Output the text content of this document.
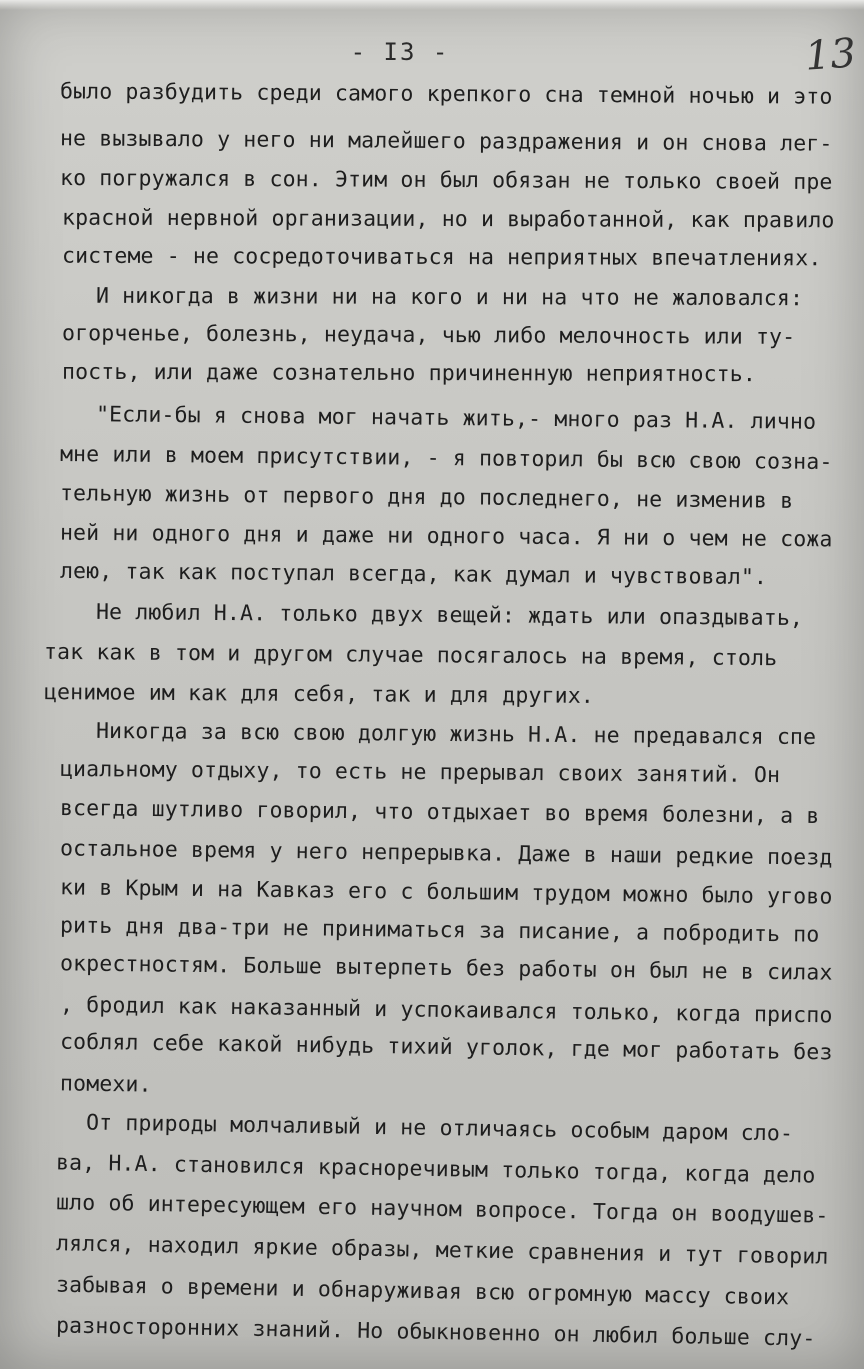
- I3 -	13
было разбудить среди самого крепкого сна темной ночью и это
не вызывало у него ни малейшего раздражения и он снова лег-
ко погружался в сон. Этим он был обязан не только своей пре
красной нервной организации, но и выработанной, как правило
системе - не сосредоточиваться на неприятных впечатлениях.
И никогда в жизни ни на кого и ни на что не жаловался:
огорченье, болезнь, неудача, чью либо мелочность или ту-
пость, или даже сознательно причиненную неприятность.
"Если-бы я снова мог начать жить,- много раз Н.А. лично
мне или в моем присутствии, - я повторил бы всю свою созна-
тельную жизнь от первого дня до последнего, не изменив в
ней ни одного дня и даже ни одного часа. Я ни о чем не сожа
лею, так как поступал всегда, как думал и чувствовал".
Не любил Н.А. только двух вещей: ждать или опаздывать,
так как в том и другом случае посягалось на время, столь
ценимое им как для себя, так и для других.
Никогда за всю свою долгую жизнь Н.А. не предавался спе
циальному отдыху, то есть не прерывал своих занятий. Он
всегда шутливо говорил, что отдыхает во время болезни, а в
остальное время у него непрерывка. Даже в наши редкие поезд
ки в Крым и на Кавказ его с большим трудом можно было угово
рить дня два-три не приниматься за писание, а побродить по
окрестностям. Больше вытерпеть без работы он был не в силах
, бродил как наказанный и успокаивался только, когда приспо
соблял себе какой нибудь тихий уголок, где мог работать без
помехи.
От природы молчаливый и не отличаясь особым даром сло-
ва, Н.А. становился красноречивым только тогда, когда дело
шло об интересующем его научном вопросе. Тогда он воодушев-
лялся, находил яркие образы, меткие сравнения и тут говорил
забывая о времени и обнаруживая всю огромную массу своих
разносторонних знаний. Но обыкновенно он любил больше слу-
